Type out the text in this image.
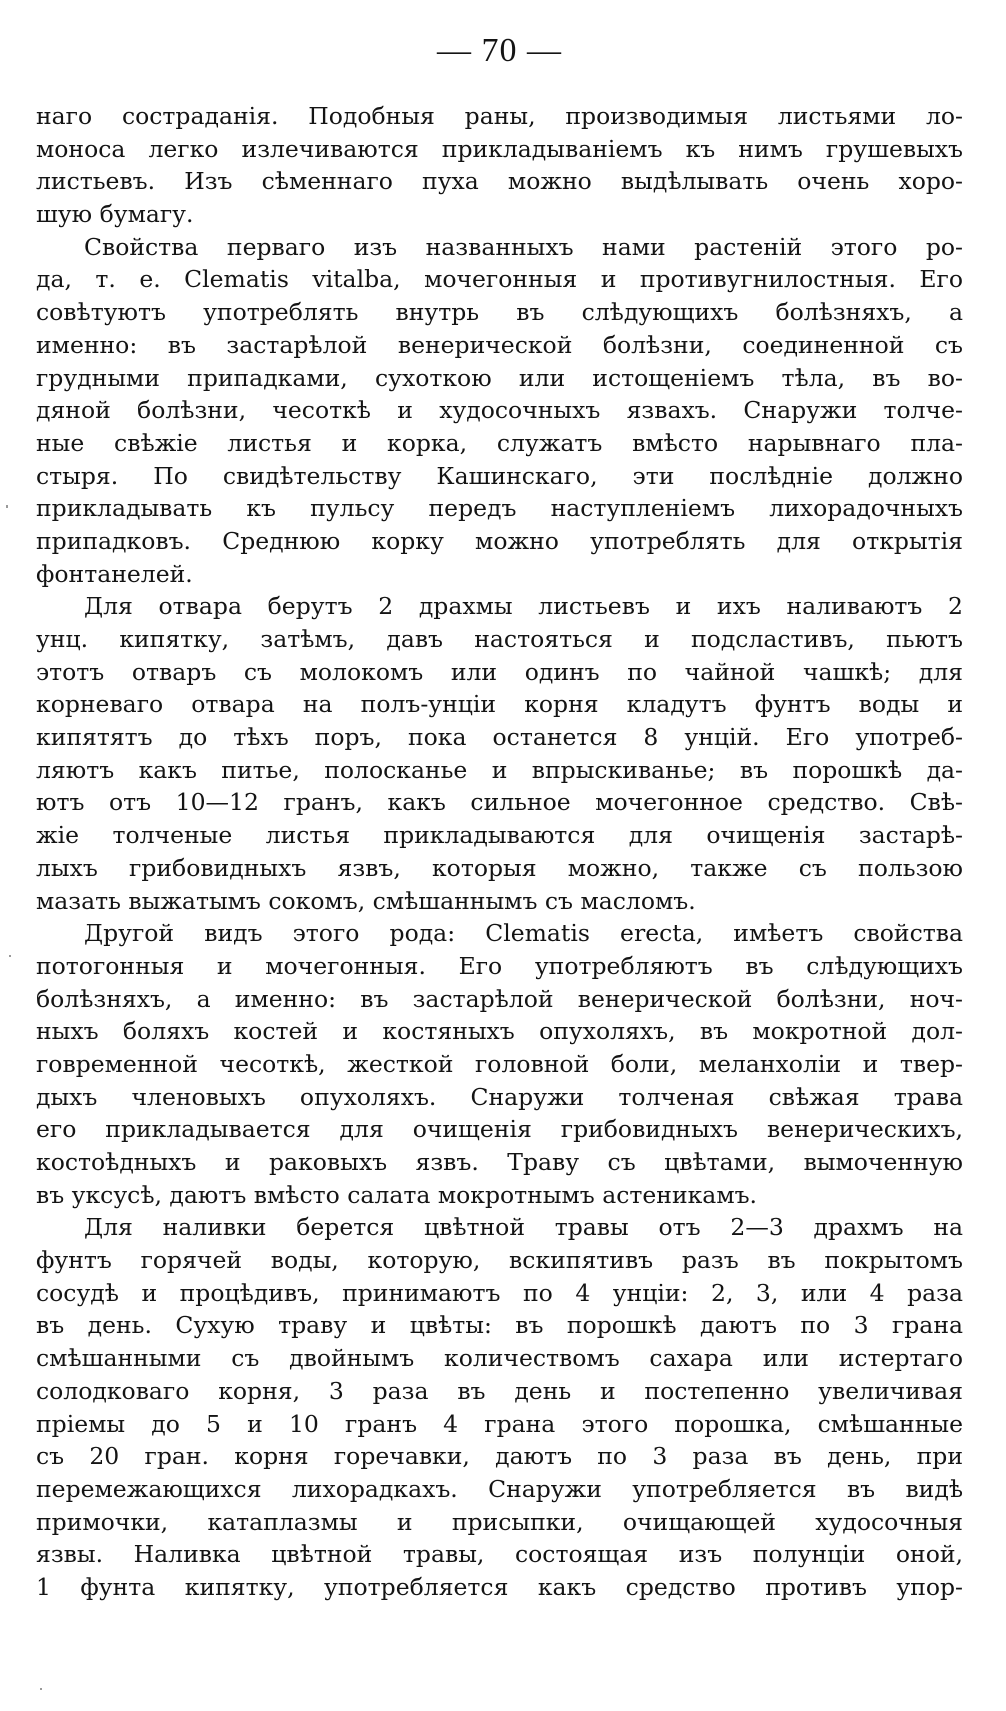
— 70 —
наго состраданія. Подобныя раны, производимыя листьями ло-
моноса легко излечиваются прикладываніемъ къ нимъ грушевыхъ
листьевъ. Изъ сѣменнаго пуха можно выдѣлывать очень хоро-
шую бумагу.
Свойства перваго изъ названныхъ нами растеній этого ро-
да, т. е. Clematis vitalba, мочегонныя и противугнилостныя. Его
совѣтуютъ употреблять внутрь въ слѣдующихъ болѣзняхъ, а
именно: въ застарѣлой венерической болѣзни, соединенной съ
грудными припадками, сухоткою или истощеніемъ тѣла, въ во-
дяной болѣзни, чесоткѣ и худосочныхъ язвахъ. Снаружи толче-
ные свѣжіе листья и корка, служатъ вмѣсто нарывнаго пла-
стыря. По свидѣтельству Кашинскаго, эти послѣдніе должно
прикладывать къ пульсу передъ наступленіемъ лихорадочныхъ
припадковъ. Среднюю корку можно употреблять для открытія
фонтанелей.
Для отвара берутъ 2 драхмы листьевъ и ихъ наливаютъ 2
унц. кипятку, затѣмъ, давъ настояться и подсластивъ, пьютъ
этотъ отваръ съ молокомъ или одинъ по чайной чашкѣ; для
корневаго отвара на полъ-унціи корня кладутъ фунтъ воды и
кипятятъ до тѣхъ поръ, пока останется 8 унцій. Его употреб-
ляютъ какъ питье, полосканье и впрыскиванье; въ порошкѣ да-
ютъ отъ 10—12 гранъ, какъ сильное мочегонное средство. Свѣ-
жіе толченые листья прикладываются для очищенія застарѣ-
лыхъ грибовидныхъ язвъ, которыя можно, также съ пользою
мазать выжатымъ сокомъ, смѣшаннымъ съ масломъ.
Другой видъ этого рода: Clematis erecta, имѣетъ свойства
потогонныя и мочегонныя. Его употребляютъ въ слѣдующихъ
болѣзняхъ, а именно: въ застарѣлой венерической болѣзни, ноч-
ныхъ боляхъ костей и костяныхъ опухоляхъ, въ мокротной дол-
говременной чесоткѣ, жесткой головной боли, меланхоліи и твер-
дыхъ членовыхъ опухоляхъ. Снаружи толченая свѣжая трава
его прикладывается для очищенія грибовидныхъ венерическихъ,
костоѣдныхъ и раковыхъ язвъ. Траву съ цвѣтами, вымоченную
въ уксусѣ, даютъ вмѣсто салата мокротнымъ астеникамъ.
Для наливки берется цвѣтной травы отъ 2—3 драхмъ на
фунтъ горячей воды, которую, вскипятивъ разъ въ покрытомъ
сосудѣ и процѣдивъ, принимаютъ по 4 унціи: 2, 3, или 4 раза
въ день. Сухую траву и цвѣты: въ порошкѣ даютъ по 3 грана
смѣшанными съ двойнымъ количествомъ сахара или истертаго
солодковаго корня, 3 раза въ день и постепенно увеличивая
пріемы до 5 и 10 гранъ 4 грана этого порошка, смѣшанные
съ 20 гран. корня горечавки, даютъ по 3 раза въ день, при
перемежающихся лихорадкахъ. Снаружи употребляется въ видѣ
примочки, катаплазмы и присыпки, очищающей худосочныя
язвы. Наливка цвѣтной травы, состоящая изъ полунціи оной,
1 фунта кипятку, употребляется какъ средство противъ упор-
